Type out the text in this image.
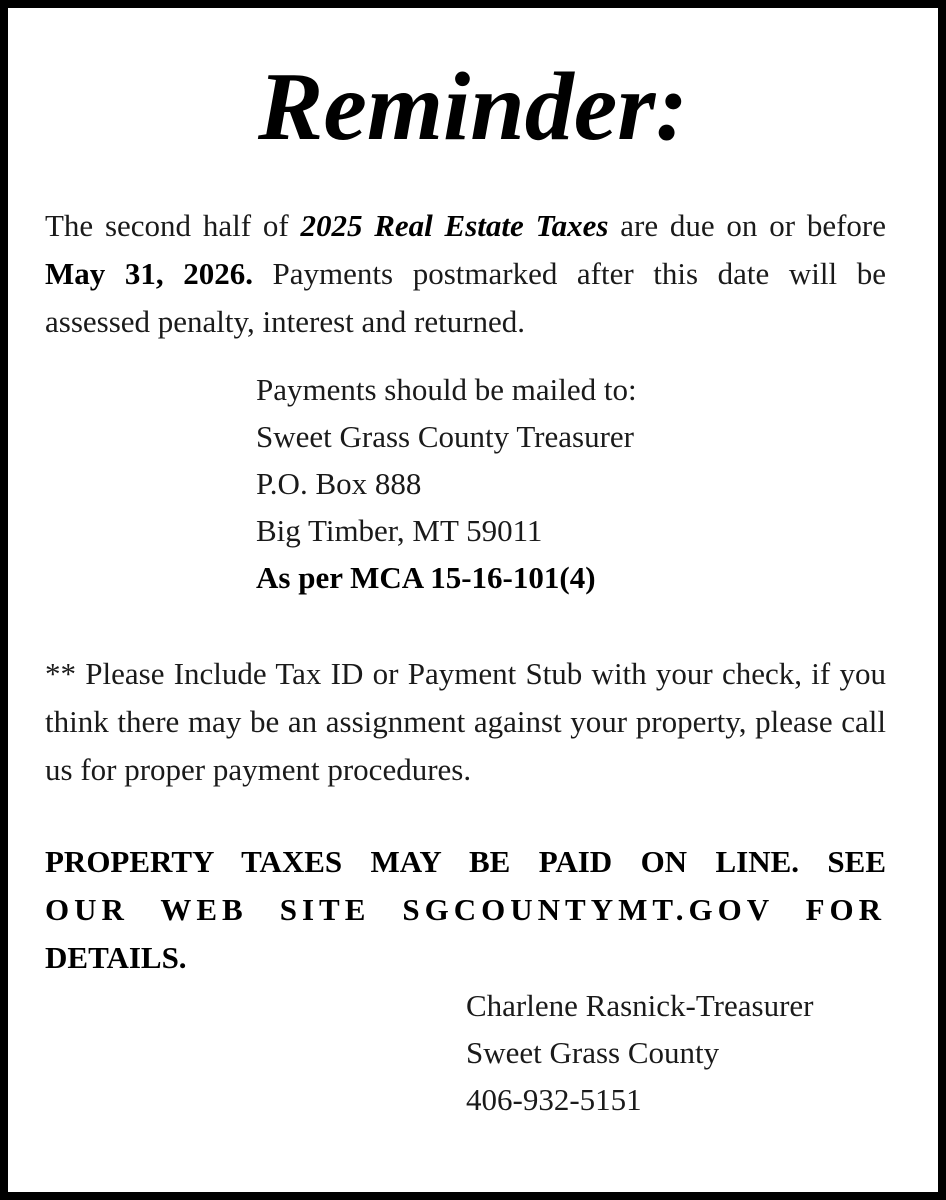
Reminder:

The second half of 2025 Real Estate Taxes are due on or before May 31, 2026. Payments postmarked after this date will be assessed penalty, interest and returned.

Payments should be mailed to:
Sweet Grass County Treasurer
P.O. Box 888
Big Timber, MT 59011
As per MCA 15-16-101(4)

** Please Include Tax ID or Payment Stub with your check, if you think there may be an assignment against your property, please call us for proper payment procedures.

PROPERTY TAXES MAY BE PAID ON LINE. SEE
OUR WEB SITE SGCOUNTYMT.GOV FOR
DETAILS.
Charlene Rasnick-Treasurer
Sweet Grass County
406-932-5151
